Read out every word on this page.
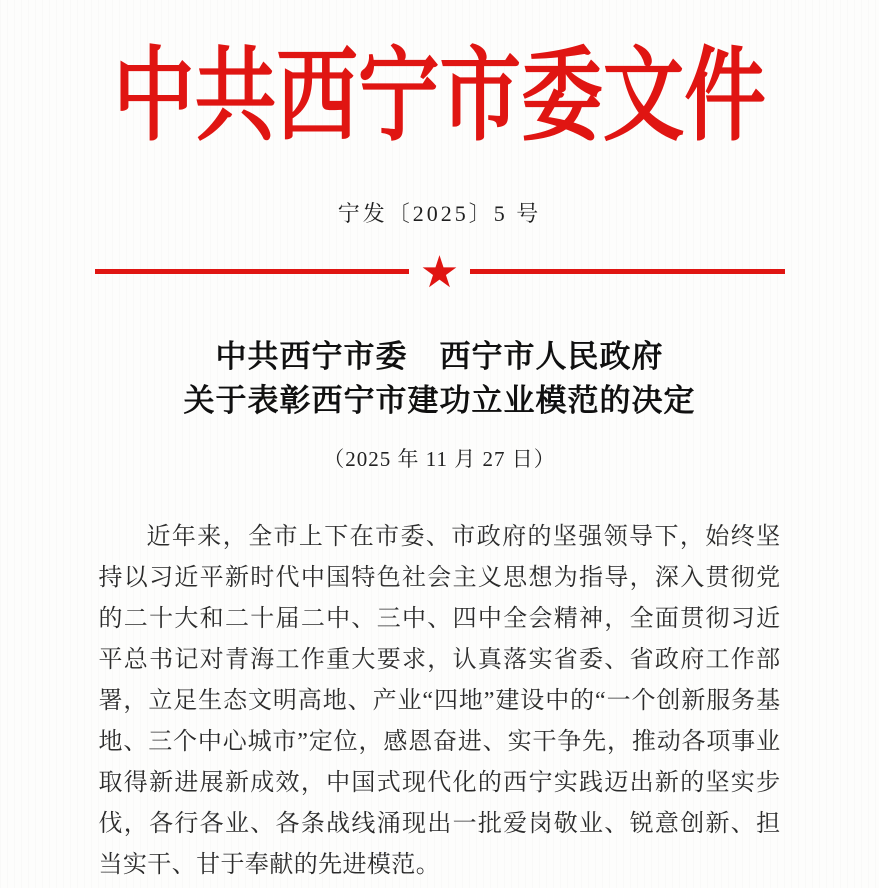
中共西宁市委文件
宁发〔2025〕5 号
★
中共西宁市委　西宁市人民政府
关于表彰西宁市建功立业模范的决定
（2025 年 11 月 27 日）

近年来，全市上下在市委、市政府的坚强领导下，始终坚持以习近平新时代中国特色社会主义思想为指导，深入贯彻党的二十大和二十届二中、三中、四中全会精神，全面贯彻习近平总书记对青海工作重大要求，认真落实省委、省政府工作部署，立足生态文明高地、产业“四地”建设中的“一个创新服务基地、三个中心城市”定位，感恩奋进、实干争先，推动各项事业取得新进展新成效，中国式现代化的西宁实践迈出新的坚实步伐，各行各业、各条战线涌现出一批爱岗敬业、锐意创新、担当实干、甘于奉献的先进模范。
